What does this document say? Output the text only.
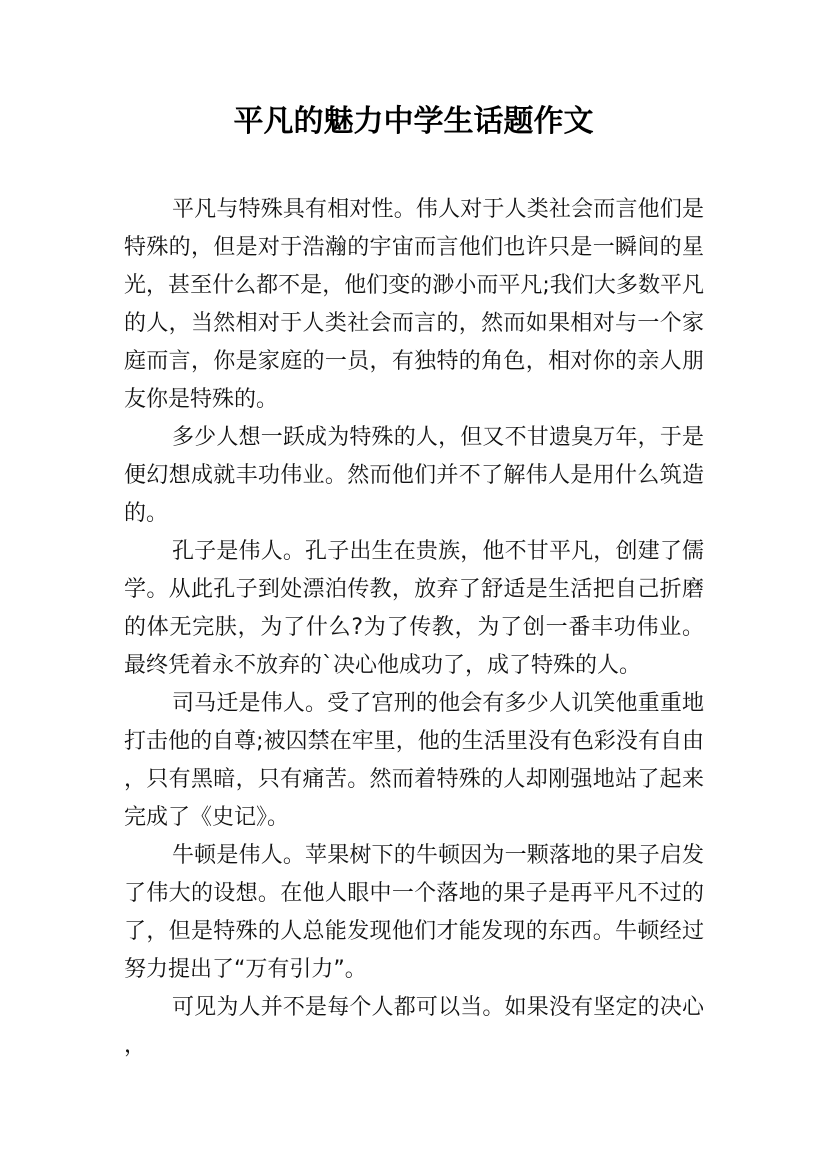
平凡的魅力中学生话题作文

平凡与特殊具有相对性。伟人对于人类社会而言他们是特殊的，但是对于浩瀚的宇宙而言他们也许只是一瞬间的星光，甚至什么都不是，他们变的渺小而平凡;我们大多数平凡的人，当然相对于人类社会而言的，然而如果相对与一个家庭而言，你是家庭的一员，有独特的角色，相对你的亲人朋友你是特殊的。

多少人想一跃成为特殊的人，但又不甘遗臭万年，于是便幻想成就丰功伟业。然而他们并不了解伟人是用什么筑造的。

孔子是伟人。孔子出生在贵族，他不甘平凡，创建了儒学。从此孔子到处漂泊传教，放弃了舒适是生活把自己折磨的体无完肤，为了什么?为了传教，为了创一番丰功伟业。最终凭着永不放弃的`决心他成功了，成了特殊的人。

司马迁是伟人。受了宫刑的他会有多少人讥笑他重重地打击他的自尊;被囚禁在牢里，他的生活里没有色彩没有自由，只有黑暗，只有痛苦。然而着特殊的人却刚强地站了起来完成了《史记》。

牛顿是伟人。苹果树下的牛顿因为一颗落地的果子启发了伟大的设想。在他人眼中一个落地的果子是再平凡不过的了，但是特殊的人总能发现他们才能发现的东西。牛顿经过努力提出了“万有引力”。

可见为人并不是每个人都可以当。如果没有坚定的决心，
